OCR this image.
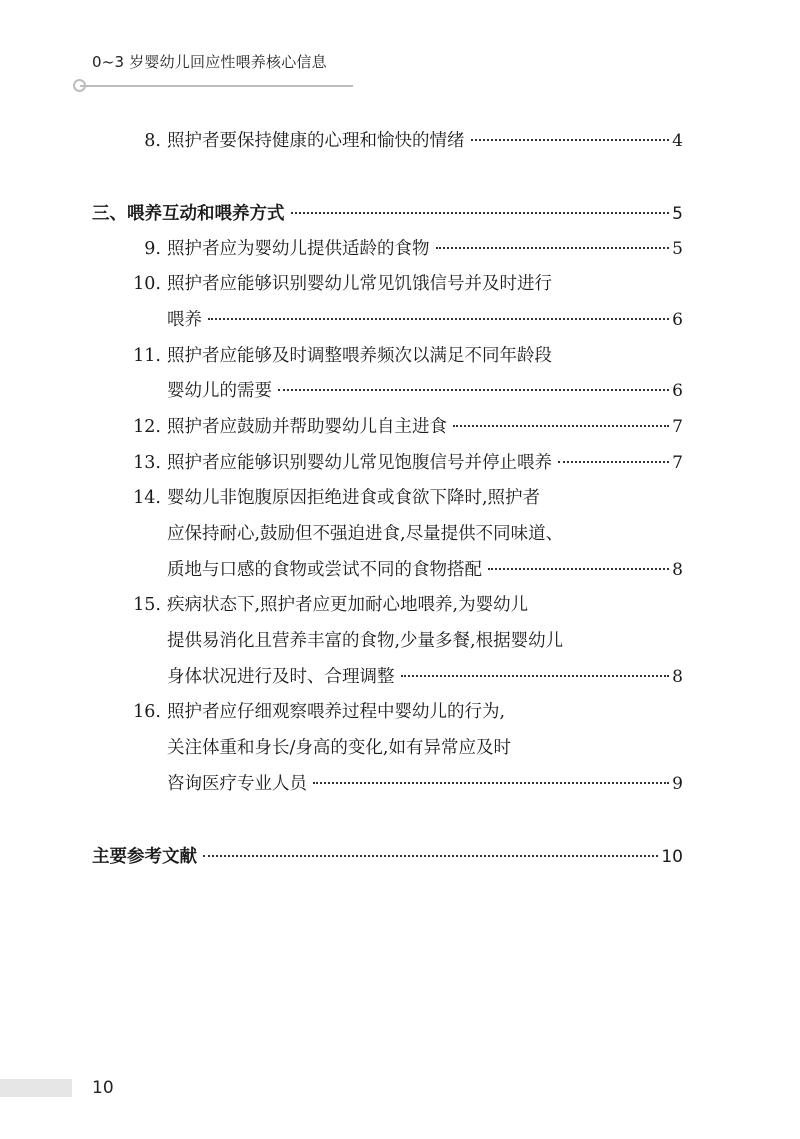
0~3 岁婴幼儿回应性喂养核心信息
8. 照护者要保持健康的心理和愉快的情绪	4
三、喂养互动和喂养方式	5
9. 照护者应为婴幼儿提供适龄的食物	5
10. 照护者应能够识别婴幼儿常见饥饿信号并及时进行
喂养	6
11. 照护者应能够及时调整喂养频次以满足不同年龄段
婴幼儿的需要	6
12. 照护者应鼓励并帮助婴幼儿自主进食	7
13. 照护者应能够识别婴幼儿常见饱腹信号并停止喂养	7
14. 婴幼儿非饱腹原因拒绝进食或食欲下降时,照护者
应保持耐心,鼓励但不强迫进食,尽量提供不同味道、
质地与口感的食物或尝试不同的食物搭配	8
15. 疾病状态下,照护者应更加耐心地喂养,为婴幼儿
提供易消化且营养丰富的食物,少量多餐,根据婴幼儿
身体状况进行及时、合理调整	8
16. 照护者应仔细观察喂养过程中婴幼儿的行为,
关注体重和身长/身高的变化,如有异常应及时
咨询医疗专业人员	9
主要参考文献	10
10
